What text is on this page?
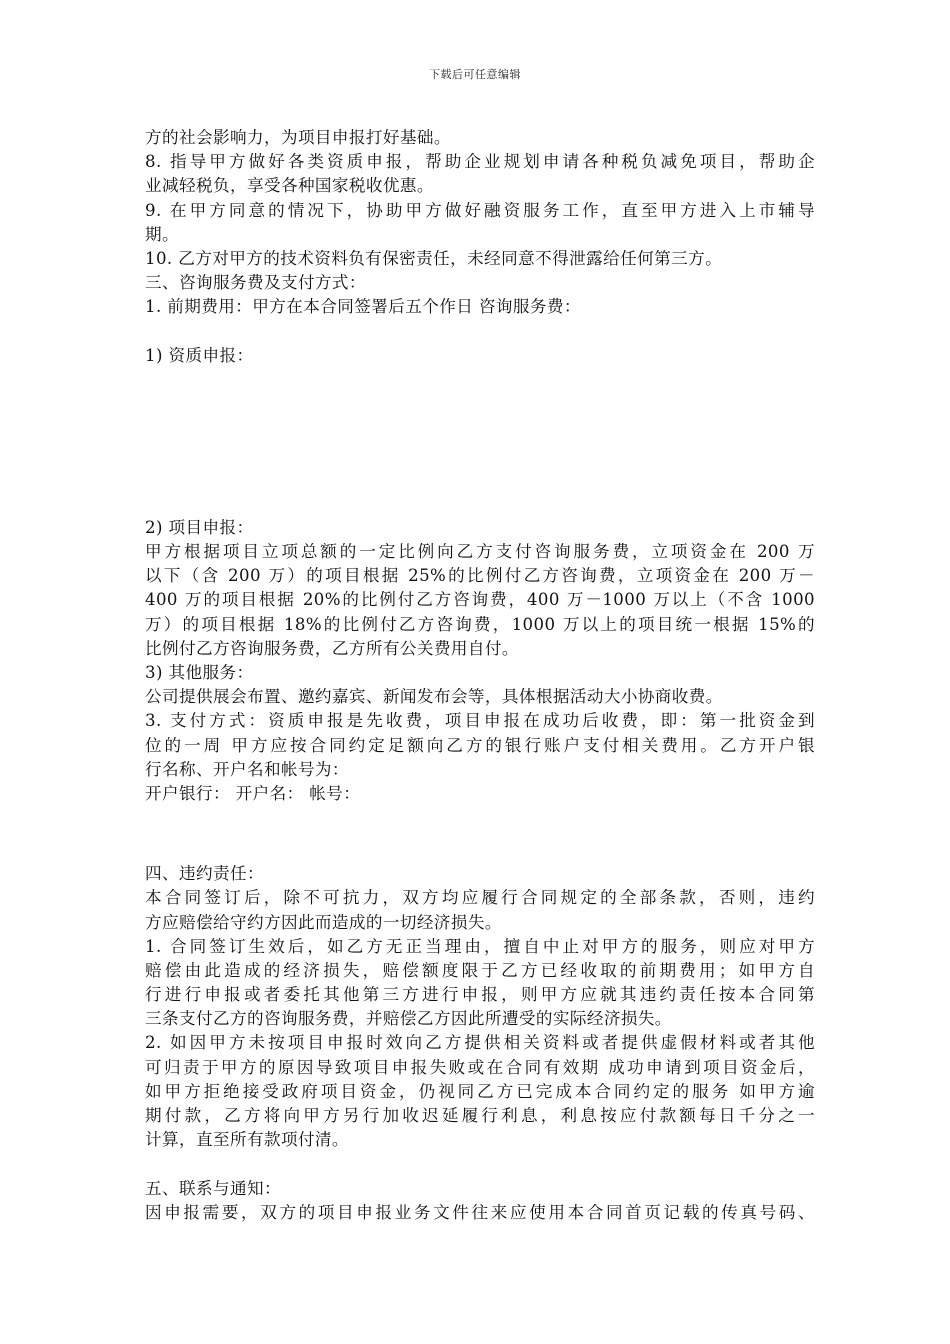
下载后可任意编辑
方的社会影响力，为项目申报打好基础。
8. 指导甲方做好各类资质申报，帮助企业规划申请各种税负减免项目，帮助企
业减轻税负，享受各种国家税收优惠。
9. 在甲方同意的情况下，协助甲方做好融资服务工作，直至甲方进入上市辅导
期。
10. 乙方对甲方的技术资料负有保密责任，未经同意不得泄露给任何第三方。
三、咨询服务费及支付方式：
1. 前期费用：甲方在本合同签署后五个作日 咨询服务费：
1) 资质申报：
2) 项目申报：
甲方根据项目立项总额的一定比例向乙方支付咨询服务费，立项资金在 200 万
以下（含 200 万）的项目根据 25%的比例付乙方咨询费，立项资金在 200 万－
400 万的项目根据 20%的比例付乙方咨询费，400 万－1000 万以上（不含 1000
万）的项目根据 18%的比例付乙方咨询费，1000 万以上的项目统一根据 15%的
比例付乙方咨询服务费，乙方所有公关费用自付。
3) 其他服务：
公司提供展会布置、邀约嘉宾、新闻发布会等，具体根据活动大小协商收费。
3. 支付方式：资质申报是先收费，项目申报在成功后收费，即：第一批资金到
位的一周 甲方应按合同约定足额向乙方的银行账户支付相关费用。乙方开户银
行名称、开户名和帐号为：
开户银行： 开户名： 帐号：
四、违约责任：
本合同签订后，除不可抗力，双方均应履行合同规定的全部条款，否则，违约
方应赔偿给守约方因此而造成的一切经济损失。
1. 合同签订生效后，如乙方无正当理由，擅自中止对甲方的服务，则应对甲方
赔偿由此造成的经济损失，赔偿额度限于乙方已经收取的前期费用；如甲方自
行进行申报或者委托其他第三方进行申报，则甲方应就其违约责任按本合同第
三条支付乙方的咨询服务费，并赔偿乙方因此所遭受的实际经济损失。
2. 如因甲方未按项目申报时效向乙方提供相关资料或者提供虚假材料或者其他
可归责于甲方的原因导致项目申报失败或在合同有效期 成功申请到项目资金后，
如甲方拒绝接受政府项目资金，仍视同乙方已完成本合同约定的服务 如甲方逾
期付款，乙方将向甲方另行加收迟延履行利息，利息按应付款额每日千分之一
计算，直至所有款项付清。
五、联系与通知：
因申报需要，双方的项目申报业务文件往来应使用本合同首页记载的传真号码、
